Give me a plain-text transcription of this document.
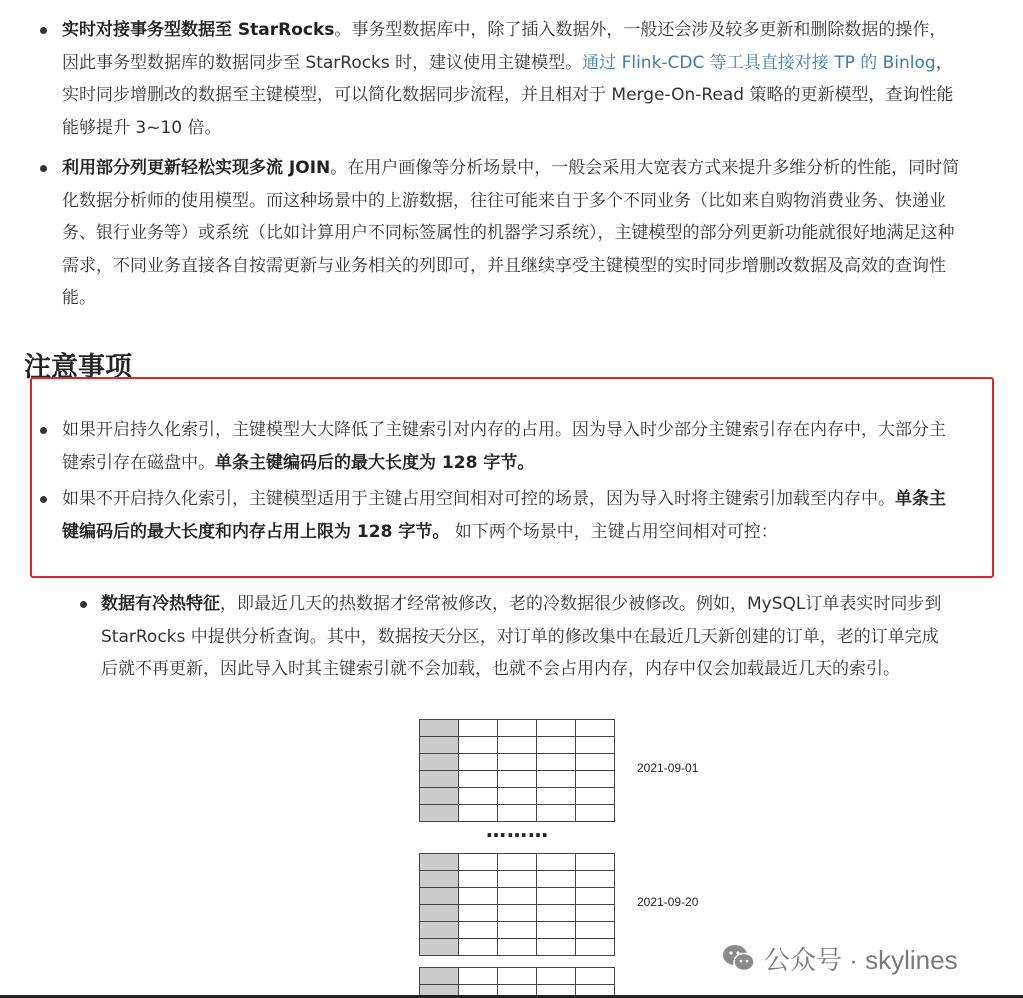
实时对接事务型数据至 StarRocks。事务型数据库中，除了插入数据外，一般还会涉及较多更新和删除数据的操作，因此事务型数据库的数据同步至 StarRocks 时，建议使用主键模型。通过 Flink-CDC 等工具直接对接 TP 的 Binlog，实时同步增删改的数据至主键模型，可以简化数据同步流程，并且相对于 Merge-On-Read 策略的更新模型，查询性能能够提升 3~10 倍。
利用部分列更新轻松实现多流 JOIN。在用户画像等分析场景中，一般会采用大宽表方式来提升多维分析的性能，同时简化数据分析师的使用模型。而这种场景中的上游数据，往往可能来自于多个不同业务（比如来自购物消费业务、快递业务、银行业务等）或系统（比如计算用户不同标签属性的机器学习系统），主键模型的部分列更新功能就很好地满足这种需求，不同业务直接各自按需更新与业务相关的列即可，并且继续享受主键模型的实时同步增删改数据及高效的查询性能。
注意事项
如果开启持久化索引，主键模型大大降低了主键索引对内存的占用。因为导入时少部分主键索引存在内存中，大部分主键索引存在磁盘中。单条主键编码后的最大长度为 128 字节。
如果不开启持久化索引，主键模型适用于主键占用空间相对可控的场景，因为导入时将主键索引加载至内存中。单条主键编码后的最大长度和内存占用上限为 128 字节。 如下两个场景中，主键占用空间相对可控：
数据有冷热特征，即最近几天的热数据才经常被修改，老的冷数据很少被修改。例如，MySQL订单表实时同步到 StarRocks 中提供分析查询。其中，数据按天分区，对订单的修改集中在最近几天新创建的订单，老的订单完成后就不再更新，因此导入时其主键索引就不会加载，也就不会占用内存，内存中仅会加载最近几天的索引。

2021-09-01
………

2021-09-20

公众号 · skylines
